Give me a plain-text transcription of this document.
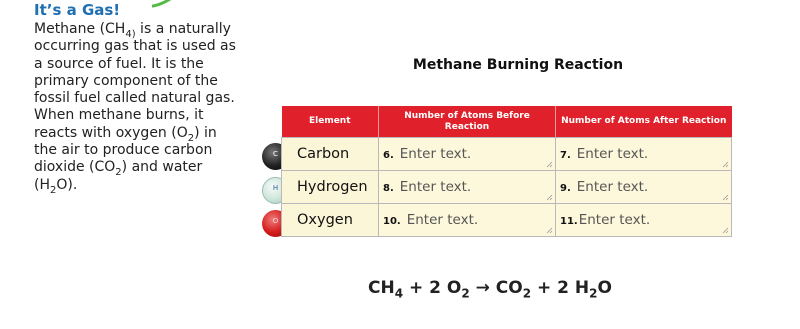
It’s a Gas!

Methane ($CH_{4)}$ is a naturally occurring gas that is used as a source of fuel. It is the primary component of the fossil fuel called natural gas. When methane burns, it reacts with oxygen $(O_2)$ in the air to produce carbon dioxide $(CO_2)$ and water $(H_2O)$.

Methane Burning Reaction
C
H
O
Element	Number of Atoms Before Reaction	Number of Atoms After Reaction
Carbon	6. Enter text.	7. Enter text.

Hydrogen	8. Enter text.	9. Enter text.

Oxygen	10. Enter text.	11.Enter text.

$CH_4 + 2$ $O_2 \to CO_2 + 2$ $H_2O$
